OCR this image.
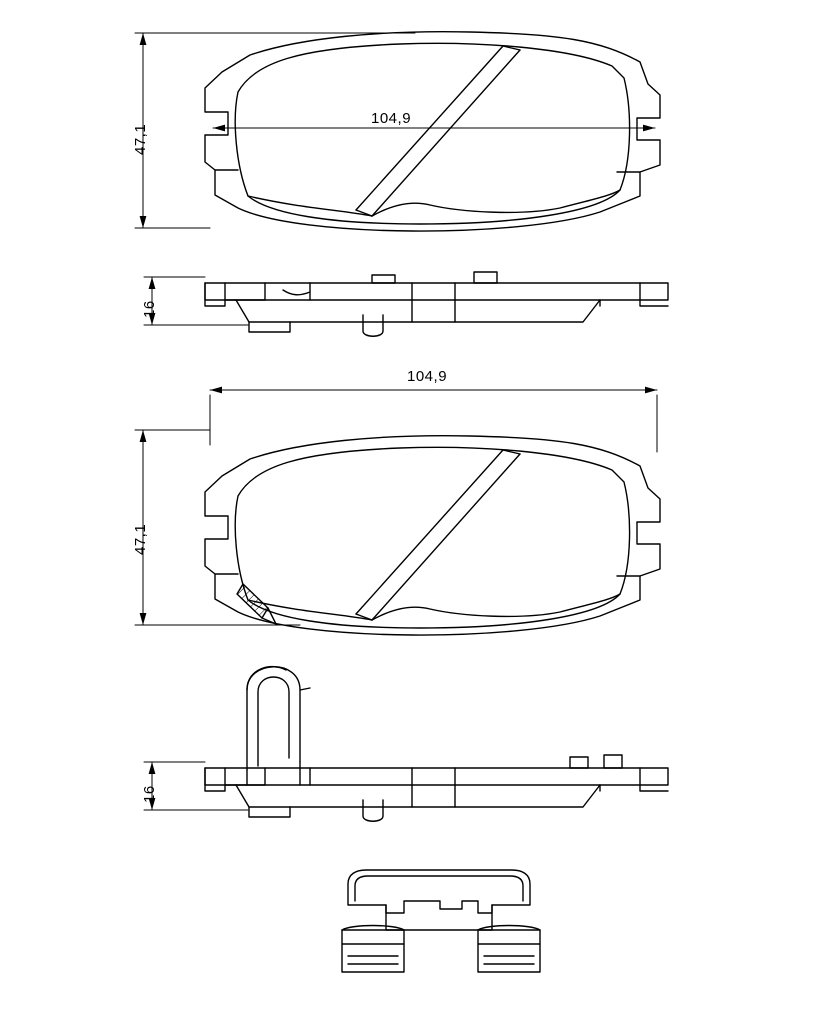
47,1
104,9
16
104,9
47,1
16
